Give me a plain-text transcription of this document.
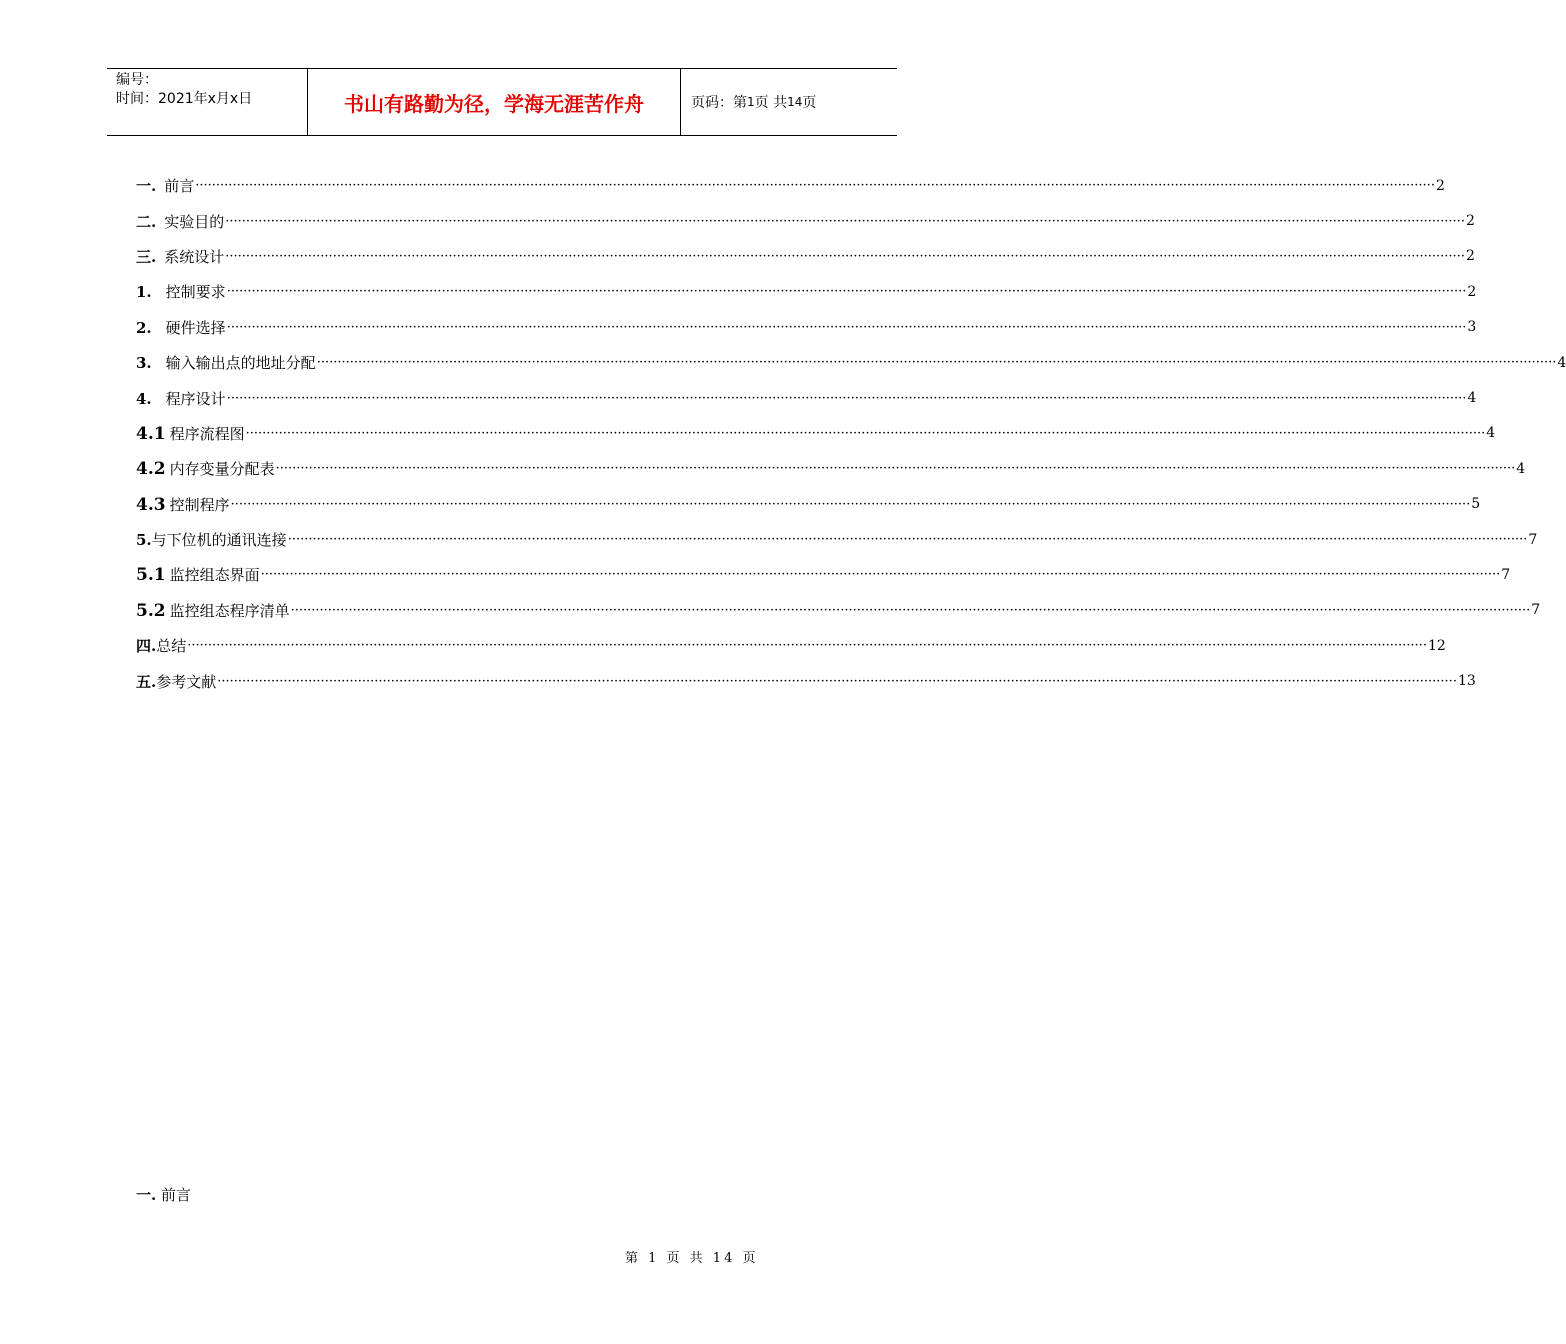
编号：
时间：2021年x月x日	书山有路勤为径，学海无涯苦作舟	页码：第 1 页 共 14 页
一. 前言 ············································································································································································································································································································ 2
二. 实验目的 ············································································································································································································································································································ 2
三. 系统设计 ············································································································································································································································································································ 2
1. 控制要求 ············································································································································································································································································································ 2
2. 硬件选择 ············································································································································································································································································································ 3
3. 输入输出点的地址分配 ············································································································································································································································································································ 4
4. 程序设计 ············································································································································································································································································································ 4
4.1 程序流程图 ············································································································································································································································································································ 4
4.2 内存变量分配表 ············································································································································································································································································································ 4
4.3 控制程序 ············································································································································································································································································································ 5
5.与下位机的通讯连接 ············································································································································································································································································································ 7
5.1 监控组态界面 ············································································································································································································································································································ 7
5.2 监控组态程序清单 ············································································································································································································································································································ 7
四.总结 ············································································································································································································································································································ 12
五.参考文献 ············································································································································································································································································································ 13
一. 前言
第 1 页 共 14 页
